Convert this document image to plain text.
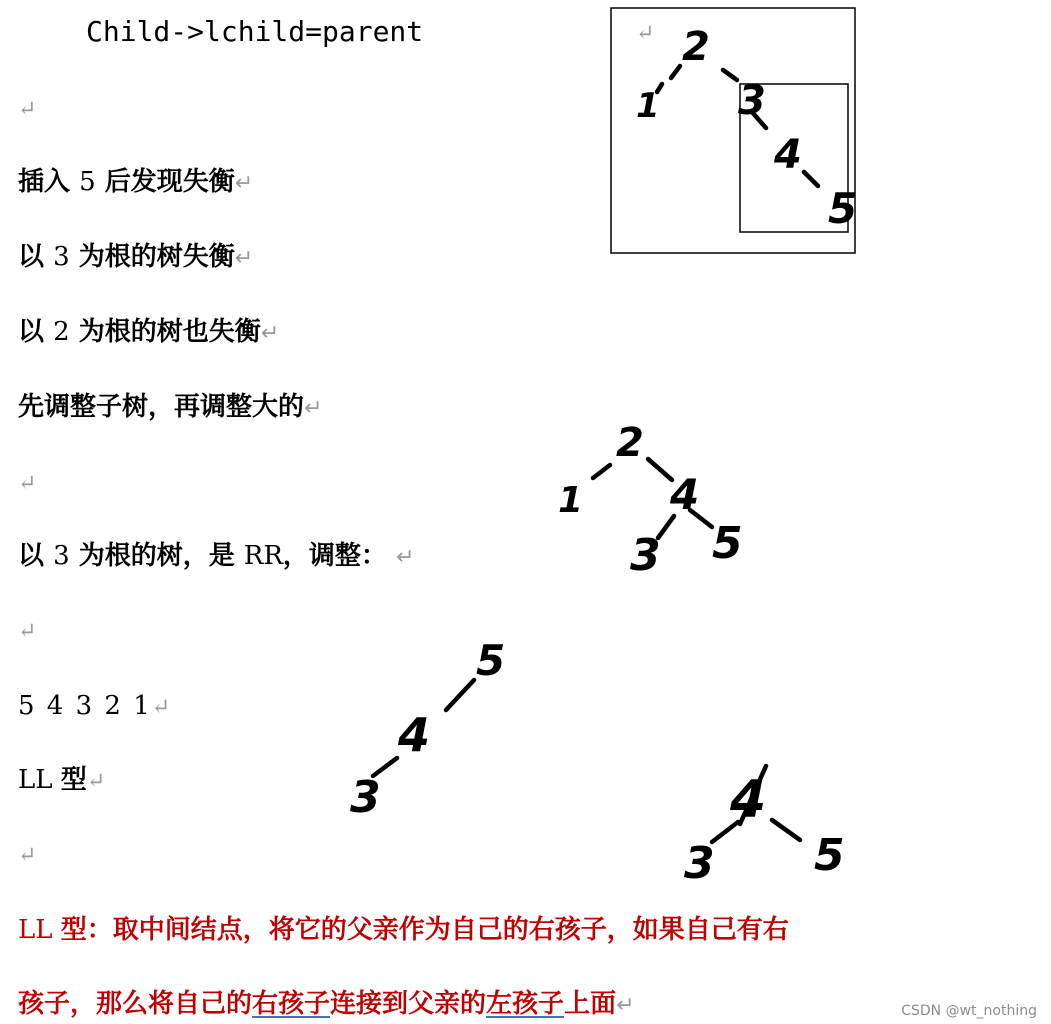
Child->lchild=parent
↵
插入 5 后发现失衡↵
以 3 为根的树失衡↵
以 2 为根的树也失衡↵
先调整子树，再调整大的↵
↵
以 3 为根的树，是 RR，调整： ↵
↵
5 4 3 2 1↵
LL 型↵
↵
LL 型：取中间结点，将它的父亲作为自己的右孩子，如果自己有右
孩子，那么将自己的右孩子连接到父亲的左孩子上面↵
↵ 2
1 3
4
5
2
1 4
3 5
5
4
3	4
3 5
CSDN @wt_nothing
